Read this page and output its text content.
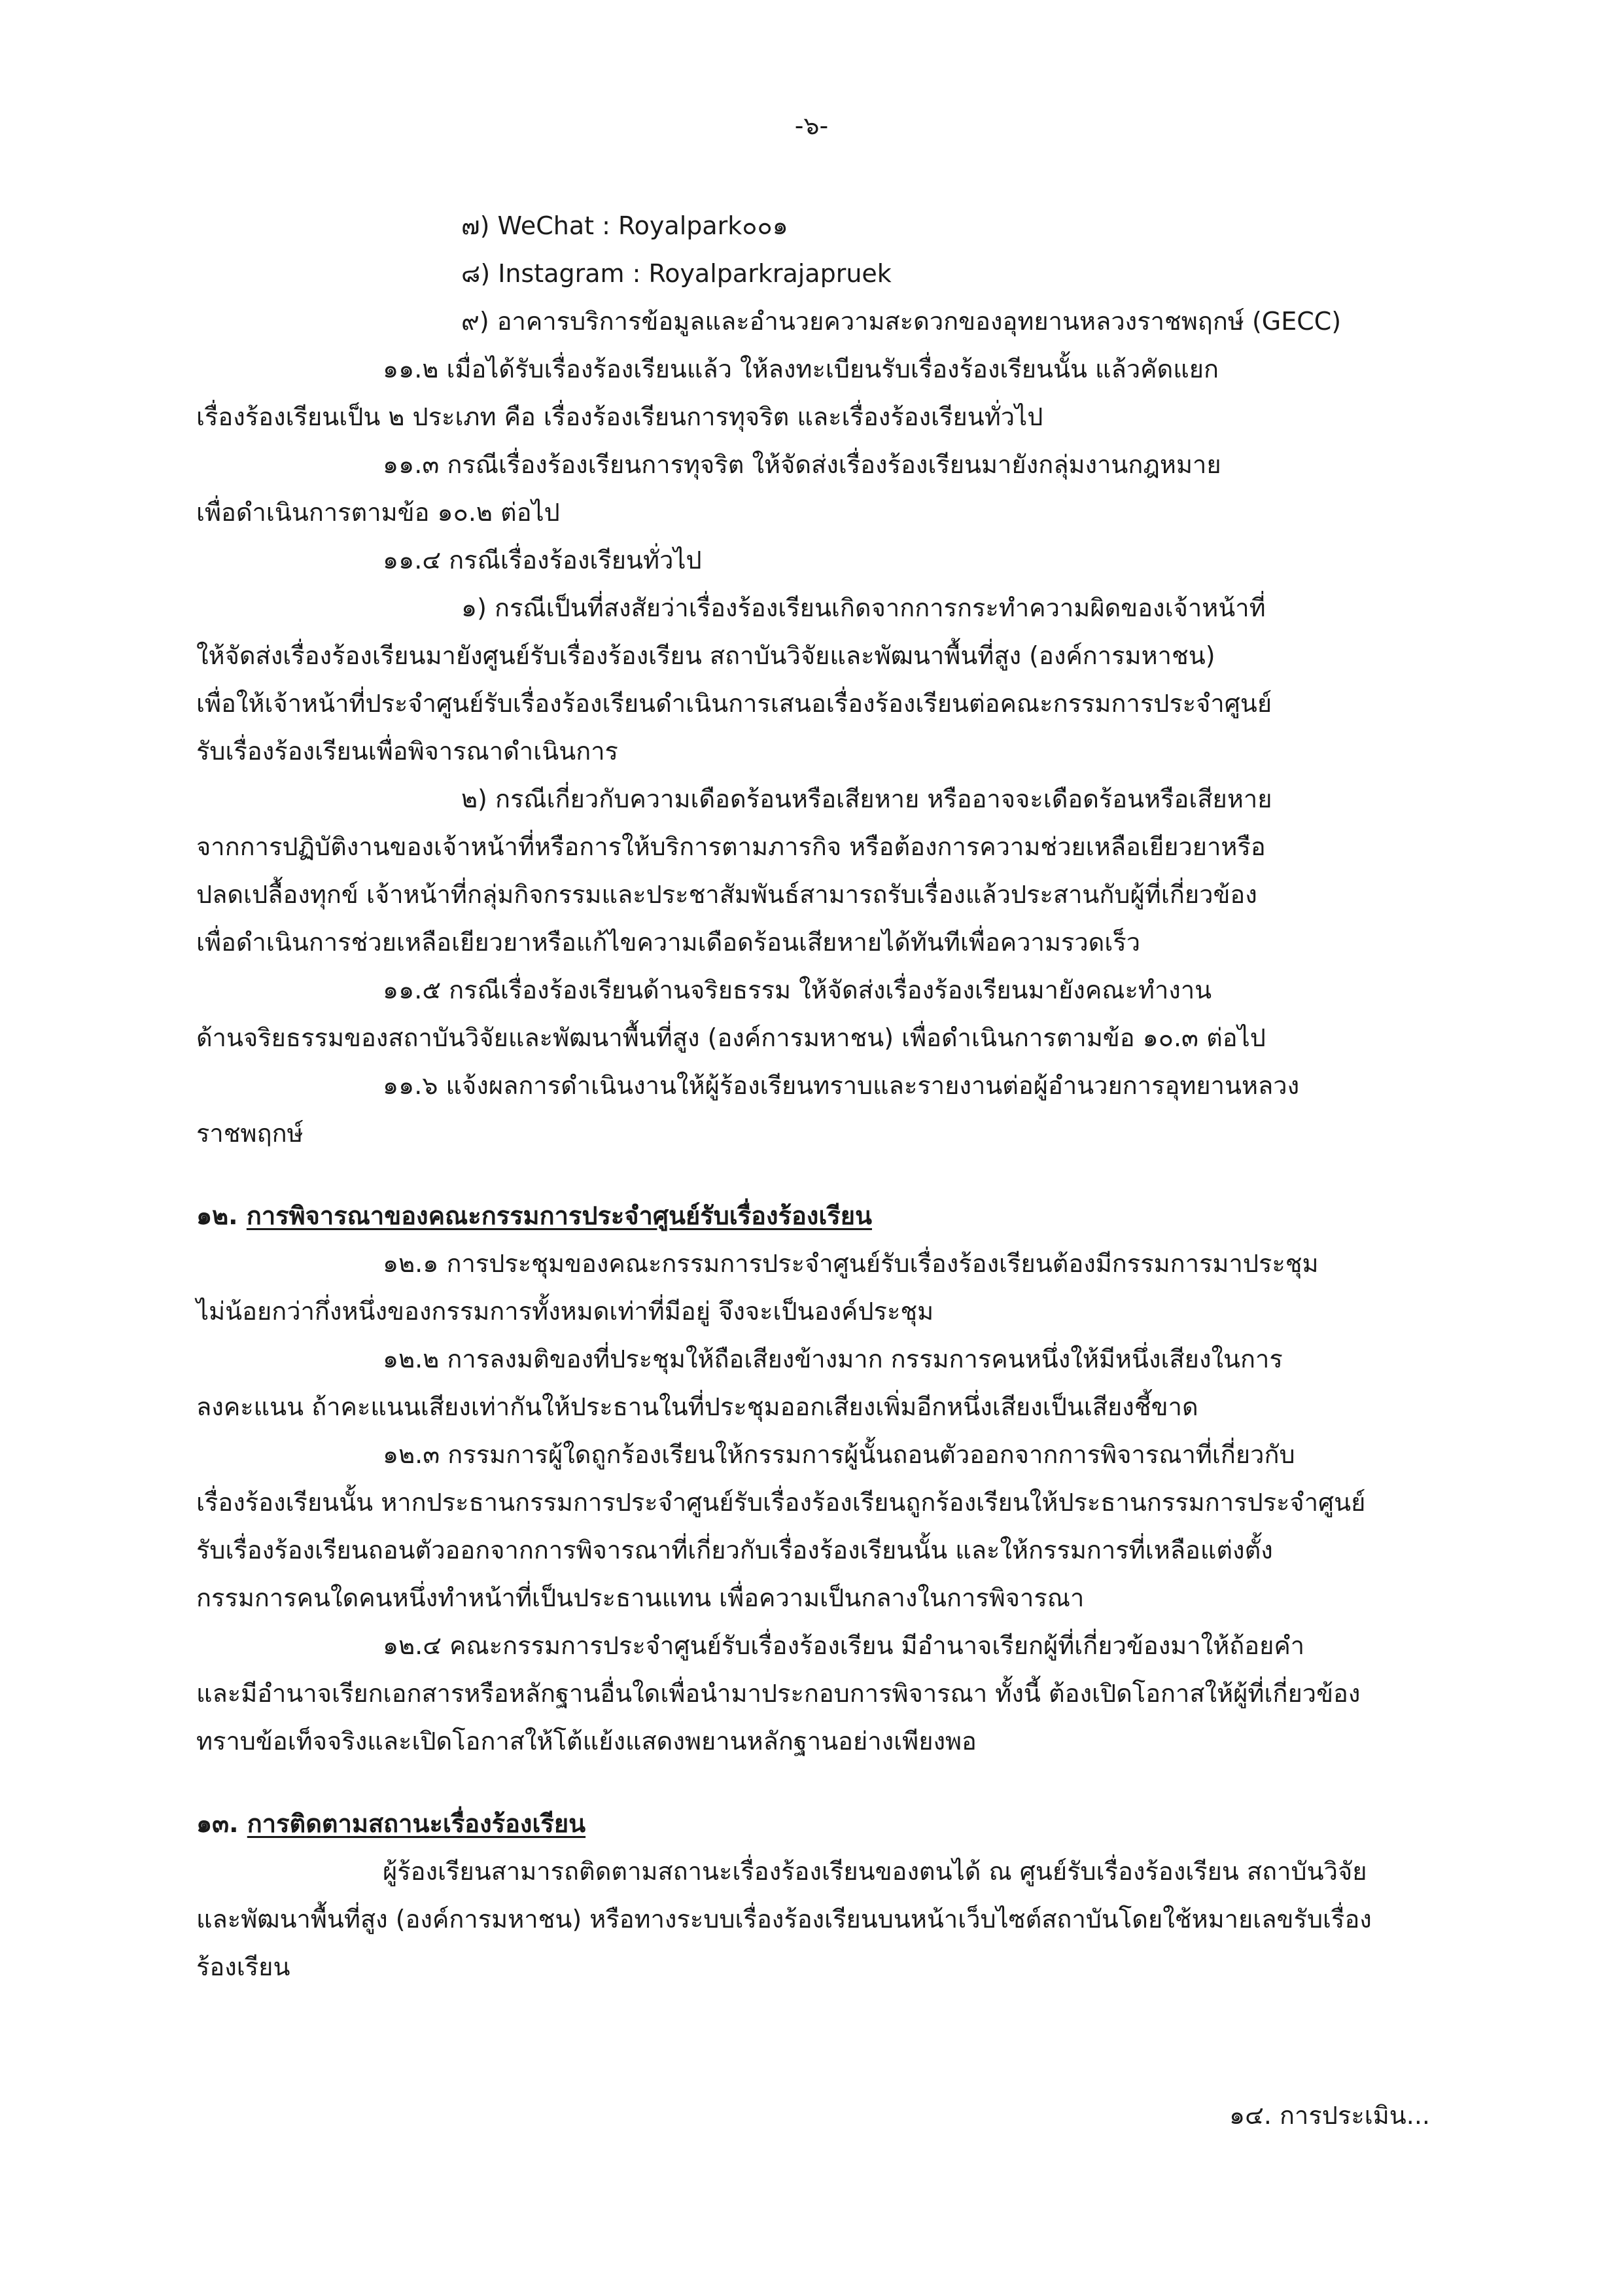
-๖-
๗) WeChat : Royalpark๐๐๑
๘) Instagram : Royalparkrajapruek
๙) อาคารบริการข้อมูลและอำนวยความสะดวกของอุทยานหลวงราชพฤกษ์ (GECC)
๑๑.๒ เมื่อได้รับเรื่องร้องเรียนแล้ว ให้ลงทะเบียนรับเรื่องร้องเรียนนั้น แล้วคัดแยก
เรื่องร้องเรียนเป็น ๒ ประเภท คือ เรื่องร้องเรียนการทุจริต และเรื่องร้องเรียนทั่วไป
๑๑.๓ กรณีเรื่องร้องเรียนการทุจริต ให้จัดส่งเรื่องร้องเรียนมายังกลุ่มงานกฎหมาย
เพื่อดำเนินการตามข้อ ๑๐.๒ ต่อไป
๑๑.๔ กรณีเรื่องร้องเรียนทั่วไป
๑) กรณีเป็นที่สงสัยว่าเรื่องร้องเรียนเกิดจากการกระทำความผิดของเจ้าหน้าที่
ให้จัดส่งเรื่องร้องเรียนมายังศูนย์รับเรื่องร้องเรียน สถาบันวิจัยและพัฒนาพื้นที่สูง (องค์การมหาชน)
เพื่อให้เจ้าหน้าที่ประจำศูนย์รับเรื่องร้องเรียนดำเนินการเสนอเรื่องร้องเรียนต่อคณะกรรมการประจำศูนย์
รับเรื่องร้องเรียนเพื่อพิจารณาดำเนินการ
๒) กรณีเกี่ยวกับความเดือดร้อนหรือเสียหาย หรืออาจจะเดือดร้อนหรือเสียหาย
จากการปฏิบัติงานของเจ้าหน้าที่หรือการให้บริการตามภารกิจ หรือต้องการความช่วยเหลือเยียวยาหรือ
ปลดเปลื้องทุกข์ เจ้าหน้าที่กลุ่มกิจกรรมและประชาสัมพันธ์สามารถรับเรื่องแล้วประสานกับผู้ที่เกี่ยวข้อง
เพื่อดำเนินการช่วยเหลือเยียวยาหรือแก้ไขความเดือดร้อนเสียหายได้ทันทีเพื่อความรวดเร็ว
๑๑.๕ กรณีเรื่องร้องเรียนด้านจริยธรรม ให้จัดส่งเรื่องร้องเรียนมายังคณะทำงาน
ด้านจริยธรรมของสถาบันวิจัยและพัฒนาพื้นที่สูง (องค์การมหาชน) เพื่อดำเนินการตามข้อ ๑๐.๓ ต่อไป
๑๑.๖ แจ้งผลการดำเนินงานให้ผู้ร้องเรียนทราบและรายงานต่อผู้อำนวยการอุทยานหลวง
ราชพฤกษ์
๑๒. การพิจารณาของคณะกรรมการประจำศูนย์รับเรื่องร้องเรียน
๑๒.๑ การประชุมของคณะกรรมการประจำศูนย์รับเรื่องร้องเรียนต้องมีกรรมการมาประชุม
ไม่น้อยกว่ากึ่งหนึ่งของกรรมการทั้งหมดเท่าที่มีอยู่ จึงจะเป็นองค์ประชุม
๑๒.๒ การลงมติของที่ประชุมให้ถือเสียงข้างมาก กรรมการคนหนึ่งให้มีหนึ่งเสียงในการ
ลงคะแนน ถ้าคะแนนเสียงเท่ากันให้ประธานในที่ประชุมออกเสียงเพิ่มอีกหนึ่งเสียงเป็นเสียงชี้ขาด
๑๒.๓ กรรมการผู้ใดถูกร้องเรียนให้กรรมการผู้นั้นถอนตัวออกจากการพิจารณาที่เกี่ยวกับ
เรื่องร้องเรียนนั้น หากประธานกรรมการประจำศูนย์รับเรื่องร้องเรียนถูกร้องเรียนให้ประธานกรรมการประจำศูนย์
รับเรื่องร้องเรียนถอนตัวออกจากการพิจารณาที่เกี่ยวกับเรื่องร้องเรียนนั้น และให้กรรมการที่เหลือแต่งตั้ง
กรรมการคนใดคนหนึ่งทำหน้าที่เป็นประธานแทน เพื่อความเป็นกลางในการพิจารณา
๑๒.๔ คณะกรรมการประจำศูนย์รับเรื่องร้องเรียน มีอำนาจเรียกผู้ที่เกี่ยวข้องมาให้ถ้อยคำ
และมีอำนาจเรียกเอกสารหรือหลักฐานอื่นใดเพื่อนำมาประกอบการพิจารณา ทั้งนี้ ต้องเปิดโอกาสให้ผู้ที่เกี่ยวข้อง
ทราบข้อเท็จจริงและเปิดโอกาสให้โต้แย้งแสดงพยานหลักฐานอย่างเพียงพอ
๑๓. การติดตามสถานะเรื่องร้องเรียน
ผู้ร้องเรียนสามารถติดตามสถานะเรื่องร้องเรียนของตนได้ ณ ศูนย์รับเรื่องร้องเรียน สถาบันวิจัย
และพัฒนาพื้นที่สูง (องค์การมหาชน) หรือทางระบบเรื่องร้องเรียนบนหน้าเว็บไซต์สถาบันโดยใช้หมายเลขรับเรื่อง
ร้องเรียน
๑๔. การประเมิน...
